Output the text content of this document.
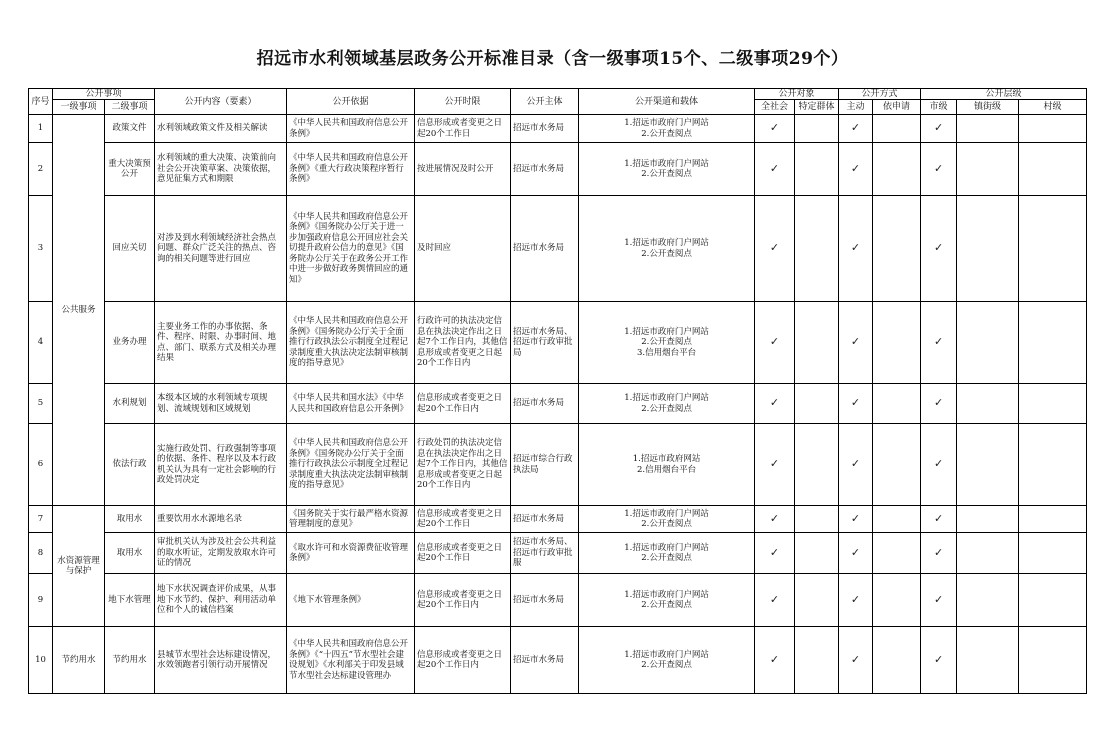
招远市水利领域基层政务公开标准目录（含一级事项15个、二级事项29个）
序号	公开事项		公开内容（要素）	公开依据	公开时限	公开主体	公开渠道和载体	公开对象		公开方式		公开层级		
	一级事项	二级事项						全社会	特定群体	主动	依申请	市级	镇街级	村级
1	公共服务	政策文件	水利领域政策文件及相关解读	《中华人民共和国政府信息公开条例》	信息形成或者变更之日起20个工作日	招远市水务局	1.招远市政府门户网站
2.公开查阅点	✓		✓		✓		
2		重大决策预公开	水利领域的重大决策、决策前向社会公开决策草案、决策依据，意见征集方式和期限	《中华人民共和国政府信息公开条例》《重大行政决策程序暂行条例》	按进展情况及时公开	招远市水务局	1.招远市政府门户网站
2.公开查阅点	✓		✓		✓		
3		回应关切	对涉及到水利领域经济社会热点问题、群众广泛关注的热点、咨询的相关问题等进行回应	《中华人民共和国政府信息公开条例》《国务院办公厅关于进一步加强政府信息公开回应社会关切提升政府公信力的意见》《国务院办公厅关于在政务公开工作中进一步做好政务舆情回应的通知》	及时回应	招远市水务局	1.招远市政府门户网站
2.公开查阅点	✓		✓		✓		
4		业务办理	主要业务工作的办事依据、条件、程序、时限、办事时间、地点、部门、联系方式及相关办理结果	《中华人民共和国政府信息公开条例》《国务院办公厅关于全面推行行政执法公示制度全过程记录制度重大执法决定法制审核制度的指导意见》	行政许可的执法决定信息在执法决定作出之日起7个工作日内，其他信息形成或者变更之日起20个工作日内	招远市水务局、招远市行政审批局	1.招远市政府门户网站
2.公开查阅点
3.信用烟台平台	✓		✓		✓		
5		水利规划	本级本区域的水利领域专项规划、流域规划和区域规划	《中华人民共和国水法》《中华人民共和国政府信息公开条例》	信息形成或者变更之日起20个工作日内	招远市水务局	1.招远市政府门户网站
2.公开查阅点	✓		✓		✓		
6		依法行政	实施行政处罚、行政强制等事项的依据、条件、程序以及本行政机关认为具有一定社会影响的行政处罚决定	《中华人民共和国政府信息公开条例》《国务院办公厅关于全面推行行政执法公示制度全过程记录制度重大执法决定法制审核制度的指导意见》	行政处罚的执法决定信息在执法决定作出之日起7个工作日内，其他信息形成或者变更之日起20个工作日内	招远市综合行政执法局	1.招远市政府网站
2.信用烟台平台	✓		✓		✓		
7	水资源管理与保护	取用水	重要饮用水水源地名录	《国务院关于实行最严格水资源管理制度的意见》	信息形成或者变更之日起20个工作日	招远市水务局	1.招远市政府门户网站
2.公开查阅点	✓		✓		✓		
8		取用水	审批机关认为涉及社会公共利益的取水听证，定期发放取水许可证的情况	《取水许可和水资源费征收管理条例》	信息形成或者变更之日起20个工作日	招远市水务局、招远市行政审批服	1.招远市政府门户网站
2.公开查阅点	✓		✓		✓		
9		地下水管理	地下水状况调查评价成果，从事地下水节约、保护、利用活动单位和个人的诚信档案	《地下水管理条例》	信息形成或者变更之日起20个工作日内	招远市水务局	1.招远市政府门户网站
2.公开查阅点	✓		✓		✓		
10	节约用水	节约用水	县城节水型社会达标建设情况，水效领跑者引领行动开展情况	《中华人民共和国政府信息公开条例》《“十四五”节水型社会建设规划》《水利部关于印发县域节水型社会达标建设管理办	信息形成或者变更之日起20个工作日内	招远市水务局	1.招远市政府门户网站
2.公开查阅点	✓		✓		✓		
